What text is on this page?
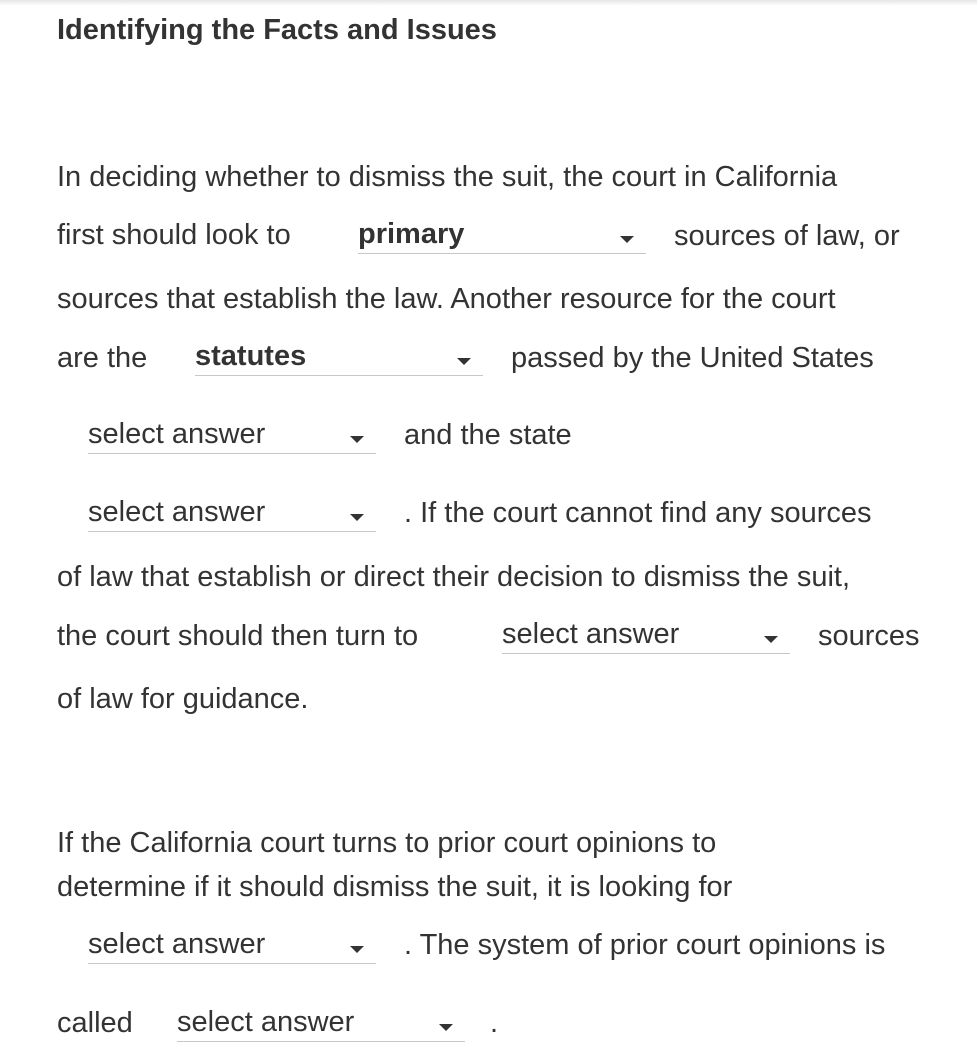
Identifying the Facts and Issues
In deciding whether to dismiss the suit, the court in California
first should look to primary	sources of law, or
sources that establish the law. Another resource for the court
are the statutes	passed by the United States
select answer	and the state
select answer	. If the court cannot find any sources
of law that establish or direct their decision to dismiss the suit,
the court should then turn to	select answer	sources
of law for guidance.
If the California court turns to prior court opinions to
determine if it should dismiss the suit, it is looking for
select answer	. The system of prior court opinions is
called select answer	.
